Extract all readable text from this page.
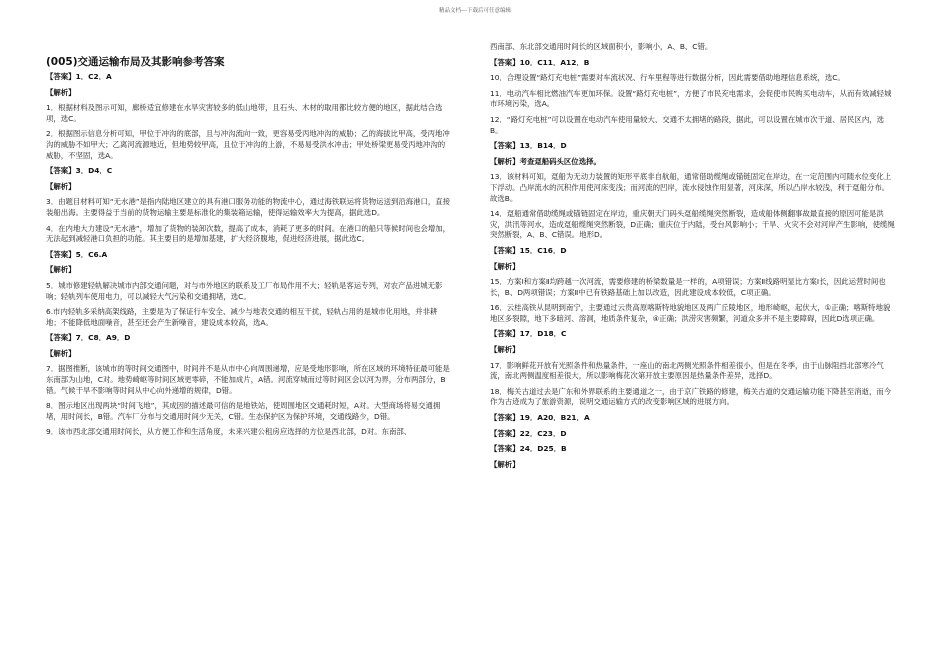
精品文档---下载后可任意编辑
(005)交通运输布局及其影响参考答案
【答案】1．C2．A
【解析】
1．根据材料及图示可知，廊桥适宜修建在水旱灾害较多的低山地带，且石头、木材的取用都比较方便的地区，据此结合选项，选C。
2．根据图示信息分析可知，甲位于冲沟的底部，且与冲沟流向一致，更容易受丙地冲沟的威胁；乙的海拔比甲高，受丙地冲沟的威胁不如甲大；乙离河流源地近，但地势较甲高，且位于冲沟的上游，不易易受洪水冲击；甲处桥梁更易受丙地冲沟的威胁，不坚固，选A。
【答案】3．D4．C
【解析】
3．由题目材料可知“无水港”是指内陆地区建立的具有港口服务功能的物流中心，通过海铁联运将货物运送到沿海港口，直接装船出海。主要得益于当前的货物运输主要是标准化的集装箱运输，使得运输效率大为提高，据此选D。
4．在内地大力建设“无水港”，增加了货物的装卸次数，提高了成本，消耗了更多的时间。在港口的船只等候时间也会增加，无法起到减轻港口负担的功能。其主要目的是增加基建，扩大经济腹地，促进经济进展，据此选C。
【答案】5．C6.A
【解析】
5．城市修建轻轨解决城市内部交通问题，对与市外地区的联系及工厂布局作用不大；轻轨是客运专列，对农产品进城无影响；轻轨列车使用电力，可以减轻大气污染和交通拥堵，选C。
6.市内轻轨多采纳高架线路，主要是为了保证行车安全、减少与地表交通的相互干扰，轻轨占用的是城市化用地，并非耕地；不能降低地面噪音，甚至还会产生新噪音，建设成本较高，选A。
【答案】7．C8．A9．D
【解析】
7．据图推断，该城市的等时间交通图中，时间并不是从市中心向周围递增，应是受地形影响，所在区域的环境特征最可能是东南部为山地，C对。地势崎岖等时间区域更零碎，不能加成片，A错。河流穿城而过等时间区会以河为界，分布两部分，B错。气候干旱不影响等时间从中心向外递增的规律，D错。
8．图示地区出现两块“时间飞地”，其成因的描述最可信的是地铁站，使周围地区交通耗时短，A对。大型商场将易交通拥堵，用时间长，B错。汽车厂分布与交通用时间少无关，C错。生态保护区为保护环境，交通线路少，D错。
9．该市西北部交通用时间长，从方便工作和生活角度，未来兴建公租房应选择的方位是西北部，D对。东南部、
西南部、东北部交通用时间长的区域面积小，影响小，A、B、C错。
【答案】10．C11．A12．B
10．合理设置“路灯充电桩”需要对车流状况、行车里程等进行数据分析，因此需要借助地理信息系统，选C。
11．电动汽车相比燃油汽车更加环保。设置“路灯充电桩”，方便了市民充电需求，会促使市民购买电动车，从而有效减轻城市环境污染，选A。
12．“路灯充电桩”可以设置在电动汽车使用量较大、交通不太拥堵的路段，据此，可以设置在城市次干道、居民区内，选B。
【答案】13．B14．D
【解析】考查趸船码头区位选择。
13．该材料可知，趸船为无动力装置的矩形平底非自航船，通常借助缆绳或锚链固定在岸边，在一定范围内可随水位变化上下浮动。凸岸流水的沉积作用使河床变浅；而河流的凹岸，流水侵蚀作用显著，河床深，所以凸岸水较浅，利于趸船分布。故选B。
14．趸船通常借助缆绳或锚链固定在岸边，重庆朝天门码头趸船缆绳突然断裂，造成船体侧翻事故最直接的原因可能是洪灾，洪汛等河水，造成趸船缆绳突然断裂，D正确；重庆位于内陆，受台风影响小；干旱、火灾不会对河岸产生影响，使缆绳突然断裂，A、B、C错误。地形D。
【答案】15．C16．D
【解析】
15．方案Ⅰ和方案Ⅱ均跨越一次河流，需要修建的桥梁数量是一样的，A项错误；方案Ⅱ线路明显比方案Ⅰ长，因此运营时间也长，B、D两项错误；方案Ⅱ中已有铁路基础上加以改造，因此建设成本较低，C项正确。
16．云桂高铁从昆明到南宁，主要通过云贵高原喀斯特地貌地区及两广丘陵地区，地形崎岖，起伏大，①正确；喀斯特地貌地区多裂隙，地下多暗河、溶洞，地质条件复杂，④正确；洪涝灾害频繁，河道众多并不是主要障碍，因此D选项正确。
【答案】17．D18．C
【解析】
17．影响鲜花开放有光照条件和热量条件，一座山的南北两侧光照条件相差很小，但是在冬季，由于山脉阻挡北部寒冷气流，南北两侧温度相差很大，所以影响梅花次第开放主要原因是热量条件差异，选择D。
18．梅关古道过去是广东和外界联系的主要通道之一，由于京广铁路的修建，梅关古道的交通运输功能下降甚至消逝，而今作为古迹成为了旅游资源，说明交通运输方式的改变影响区域的进展方向。
【答案】19．A20．B21．A
【答案】22．C23．D
【答案】24．D25．B
【解析】
